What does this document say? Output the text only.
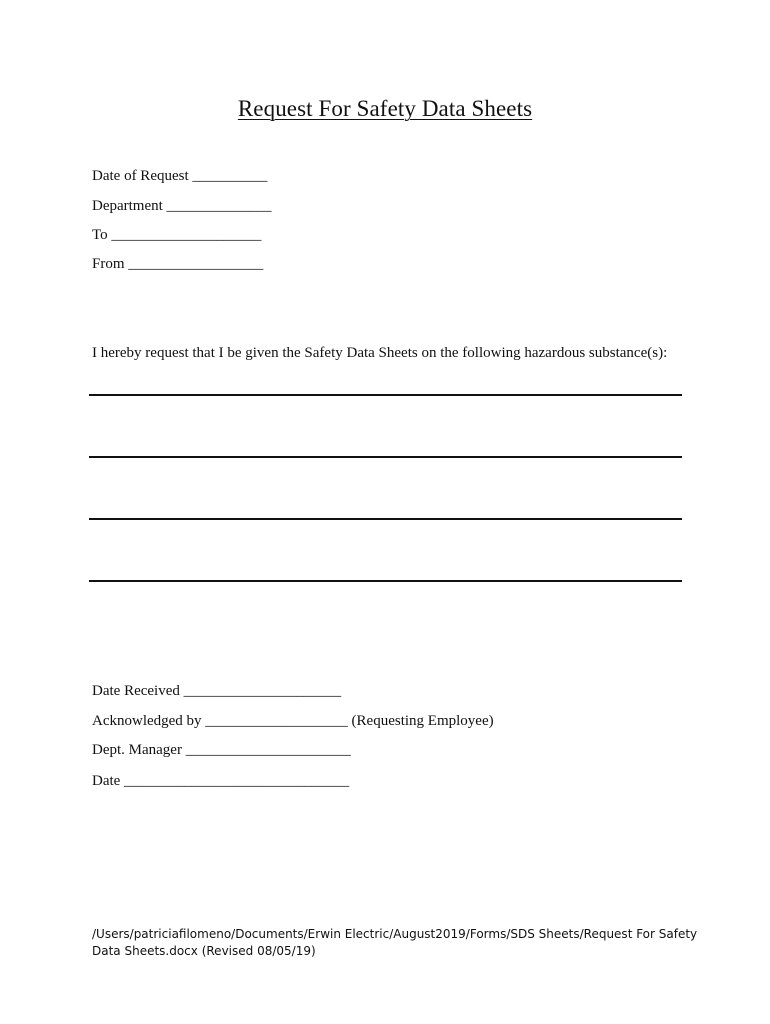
Request For Safety Data Sheets
Date of Request __________
Department ______________
To ____________________
From __________________
I hereby request that I be given the Safety Data Sheets on the following hazardous substance(s):
Date Received _____________________
Acknowledged by ___________________ (Requesting Employee)
Dept. Manager ______________________
Date ______________________________
/Users/patriciafilomeno/Documents/Erwin Electric/August2019/Forms/SDS Sheets/Request For Safety
Data Sheets.docx (Revised 08/05/19)
